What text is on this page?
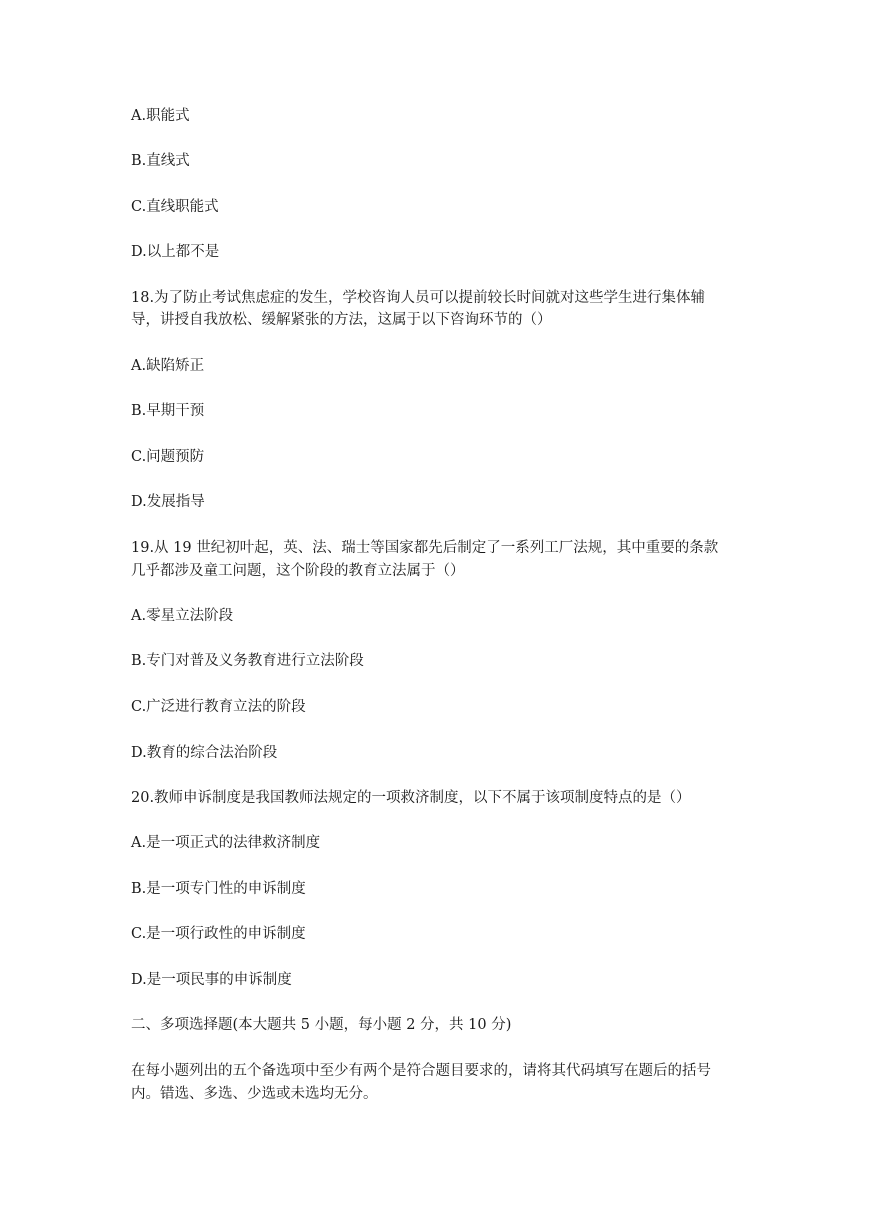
A.职能式
B.直线式
C.直线职能式
D.以上都不是
18.为了防止考试焦虑症的发生，学校咨询人员可以提前较长时间就对这些学生进行集体辅
导，讲授自我放松、缓解紧张的方法，这属于以下咨询环节的（）
A.缺陷矫正
B.早期干预
C.问题预防
D.发展指导
19.从 19 世纪初叶起，英、法、瑞士等国家都先后制定了一系列工厂法规，其中重要的条款
几乎都涉及童工问题，这个阶段的教育立法属于（）
A.零星立法阶段
B.专门对普及义务教育进行立法阶段
C.广泛进行教育立法的阶段
D.教育的综合法治阶段
20.教师申诉制度是我国教师法规定的一项救济制度，以下不属于该项制度特点的是（）
A.是一项正式的法律救济制度
B.是一项专门性的申诉制度
C.是一项行政性的申诉制度
D.是一项民事的申诉制度
二、多项选择题(本大题共 5 小题，每小题 2 分，共 10 分)
在每小题列出的五个备选项中至少有两个是符合题目要求的，请将其代码填写在题后的括号
内。错选、多选、少选或未选均无分。
